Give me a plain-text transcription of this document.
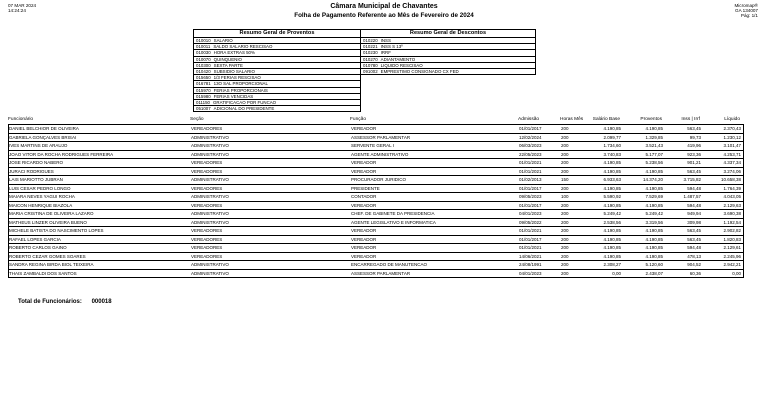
07 MAR 2024
14:24:24
Câmara Municipal de Chavantes
Folha de Pagamento Referente ao Mês de Fevereiro de 2024
Micromap®
GA 134007
Pág: 1/1
Resumo Geral de Proventos
010010 SALARIO
010011 SALDO SALARIO RESCISAO
010030 HORA EXTRAS 50%
010070 QUINQUENIO
010300 SEXTA PARTE
010420 SUBSIDIO SALARIO
015650 1/3 FERIAS RESCISAO
016781 13O SAL PROPORCIONAL
015970 FERIAS PROPORCIONAIS
015980 FERIAS VENCIDAS
011150 GRATIFICACAO POR FUNCAO
051007 ADICIONAL DO PRESIDENTE
Resumo Geral de Descontos
010220 INSS
010221 INSS S 13º
010230 IRRF
010270 ADIANTAMENTO
010780 LIQUIDO RESCISAO
091002 EMPRESTIMO CONSIGNADO CX FED
Funcionário	Seção	Função	Admissão	Horas Mês	Salário Base	Proventos	Inss | Irrf	Líquido
DANIEL BELCHIOR DE OLIVEIRA	VEREADORES	VEREADOR	01/01/2017	200	4.190,85	4.190,85	563,45	2.370,43
GABRIELA GONÇALVES BRISAI	ADMINISTRATIVO	ASSESSOR PARLAMENTAR	12/02/2024	200	2.099,77	1.329,85	99,73	1.230,12
IVES MARTINS DE ARAUJO	ADMINISTRATIVO	SERVENTE GERAL I	06/03/2023	200	1.734,60	3.521,43	419,96	3.101,47
JOAO VITOR DA ROCHA RODRIGUES FERREIRA	ADMINISTRATIVO	AGENTE ADMINISTRATIVO	22/05/2023	200	3.740,83	5.177,07	923,36	4.253,71
JOSE RICARDO NABERO	VEREADORES	VEREADOR	01/01/2021	200	4.190,85	5.238,56	901,21	4.337,34
JURACI RODRIGUES	VEREADORES	VEREADOR	01/01/2021	200	4.190,85	4.190,85	563,45	3.274,06
LAIS MARIOTTO JUBRAN	ADMINISTRATIVO	PROCURADOR JURIDICO	01/02/2013	150	6.933,63	14.374,20	3.715,82	10.658,38
LUIS CESAR PEDRO LONGO	VEREADORES	PRESIDENTE	01/01/2017	200	4.190,85	4.190,85	594,48	1.764,39
MAIARA NEVES YAGUI ROCHA	ADMINISTRATIVO	CONTADOR	09/05/2023	100	5.590,92	7.529,69	1.487,57	4.043,05
MAICON HENRIQUE BIAZOLA	VEREADORES	VEREADOR	01/01/2017	200	4.190,85	4.190,85	594,48	2.129,63
MARIA CRISTINA DE OLIVEIRA LAZARO	ADMINISTRATIVO	CHEF. DE GABINETE DA PRESIDENCIA	04/01/2023	200	5.249,42	5.249,42	949,94	3.690,38
MATHEUS LINZER OLIVEIRA BUENO	ADMINISTRATIVO	AGENTE LEGISLATIVO E INFORMATICA	09/05/2022	200	2.538,56	3.319,56	309,98	1.192,54
MICHELE BATISTA DO NASCIMENTO LOPES	VEREADORES	VEREADOR	01/01/2021	200	4.190,85	4.190,85	563,45	2.902,82
RAFAEL LOPES GARCIA	VEREADORES	VEREADOR	01/01/2017	200	4.190,85	4.190,85	563,45	1.820,83
ROBERTO CARLOS GAINO	VEREADORES	VEREADOR	01/01/2021	200	4.190,85	4.190,85	594,48	2.129,61
ROBERTO CEZAR GOMES SOARES	VEREADORES	VEREADOR	14/06/2021	200	4.190,85	4.190,85	478,13	2.245,96
SANDRA REGINA BIRDA BIOL TEIXEIRA	ADMINISTRATIVO	ENCARREGADO DE MANUTENCAO	24/08/1991	200	2.308,27	5.120,60	904,52	2.942,21
THAIS ZAMBALDI DOS SANTOS	ADMINISTRATIVO	ASSESSOR PARLAMENTAR	04/01/2023	200	0,00	2.438,07	60,36	0,00
Total de Funcionários: 000018
